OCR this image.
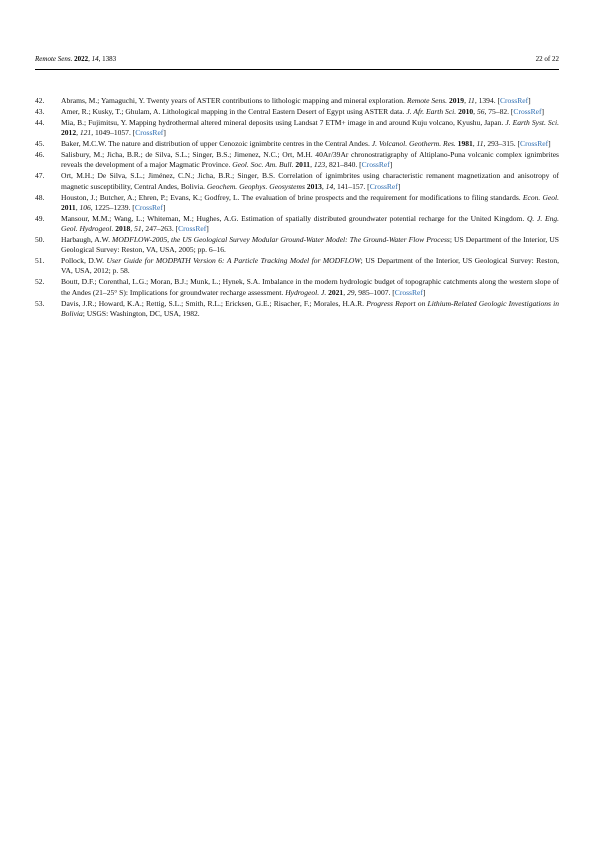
Remote Sens. 2022, 14, 1383	22 of 22
42. Abrams, M.; Yamaguchi, Y. Twenty years of ASTER contributions to lithologic mapping and mineral exploration. Remote Sens. 2019, 11, 1394. [CrossRef]
43. Amer, R.; Kusky, T.; Ghulam, A. Lithological mapping in the Central Eastern Desert of Egypt using ASTER data. J. Afr. Earth Sci. 2010, 56, 75–82. [CrossRef]
44. Mia, B.; Fujimitsu, Y. Mapping hydrothermal altered mineral deposits using Landsat 7 ETM+ image in and around Kuju volcano, Kyushu, Japan. J. Earth Syst. Sci. 2012, 121, 1049–1057. [CrossRef]
45. Baker, M.C.W. The nature and distribution of upper Cenozoic ignimbrite centres in the Central Andes. J. Volcanol. Geotherm. Res. 1981, 11, 293–315. [CrossRef]
46. Salisbury, M.; Jicha, B.R.; de Silva, S.L.; Singer, B.S.; Jimenez, N.C.; Ort, M.H. 40Ar/39Ar chronostratigraphy of Altiplano-Puna volcanic complex ignimbrites reveals the development of a major Magmatic Province. Geol. Soc. Am. Bull. 2011, 123, 821–840. [CrossRef]
47. Ort, M.H.; De Silva, S.L.; Jiménez, C.N.; Jicha, B.R.; Singer, B.S. Correlation of ignimbrites using characteristic remanent magnetization and anisotropy of magnetic susceptibility, Central Andes, Bolivia. Geochem. Geophys. Geosystems 2013, 14, 141–157. [CrossRef]
48. Houston, J.; Butcher, A.; Ehren, P.; Evans, K.; Godfrey, L. The evaluation of brine prospects and the requirement for modifications to filing standards. Econ. Geol. 2011, 106, 1225–1239. [CrossRef]
49. Mansour, M.M.; Wang, L.; Whiteman, M.; Hughes, A.G. Estimation of spatially distributed groundwater potential recharge for the United Kingdom. Q. J. Eng. Geol. Hydrogeol. 2018, 51, 247–263. [CrossRef]
50. Harbaugh, A.W. MODFLOW-2005, the US Geological Survey Modular Ground-Water Model: The Ground-Water Flow Process; US Department of the Interior, US Geological Survey: Reston, VA, USA, 2005; pp. 6–16.
51. Pollock, D.W. User Guide for MODPATH Version 6: A Particle Tracking Model for MODFLOW; US Department of the Interior, US Geological Survey: Reston, VA, USA, 2012; p. 58.
52. Boutt, D.F.; Corenthal, L.G.; Moran, B.J.; Munk, L.; Hynek, S.A. Imbalance in the modern hydrologic budget of topographic catchments along the western slope of the Andes (21–25° S): Implications for groundwater recharge assessment. Hydrogeol. J. 2021, 29, 985–1007. [CrossRef]
53. Davis, J.R.; Howard, K.A.; Rettig, S.L.; Smith, R.L.; Ericksen, G.E.; Risacher, F.; Morales, H.A.R. Progress Report on Lithium-Related Geologic Investigations in Bolivia; USGS: Washington, DC, USA, 1982.
